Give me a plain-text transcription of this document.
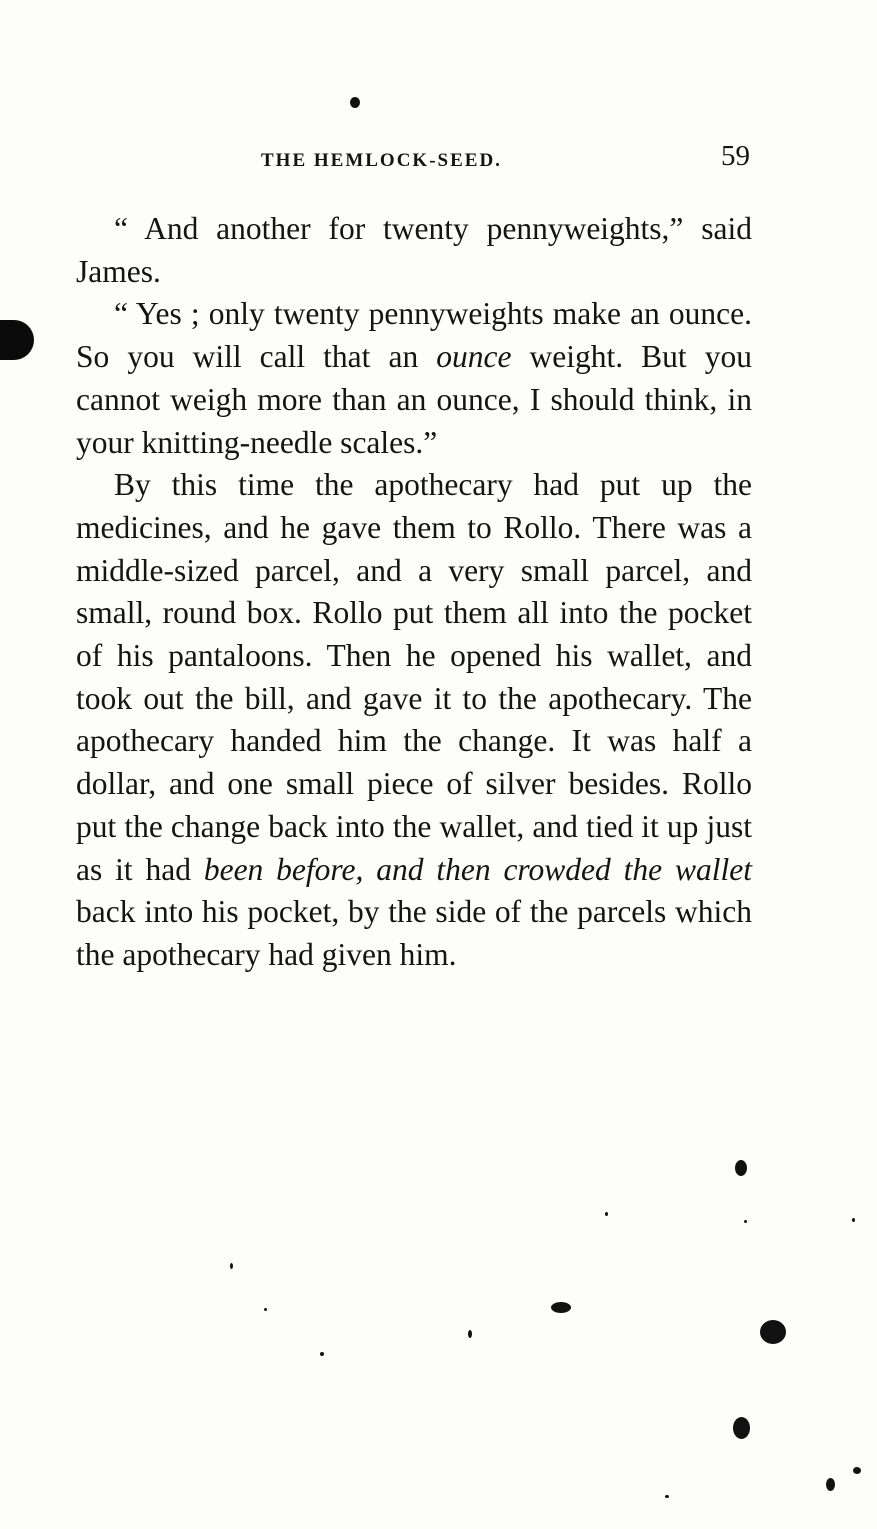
THE HEMLOCK-SEED.	59

“ And another for twenty pennyweights,” said James.

“ Yes ; only twenty pennyweights make an ounce. So you will call that an ounce weight. But you cannot weigh more than an ounce, I should think, in your knitting-needle scales.”

By this time the apothecary had put up the medicines, and he gave them to Rollo. There was a middle-sized parcel, and a very small parcel, and small, round box. Rollo put them all into the pocket of his pantaloons. Then he opened his wallet, and took out the bill, and gave it to the apothecary. The apothecary handed him the change. It was half a dollar, and one small piece of silver besides. Rollo put the change back into the wallet, and tied it up just as it had been before, and then crowded the wallet back into his pocket, by the side of the parcels which the apothecary had given him.
